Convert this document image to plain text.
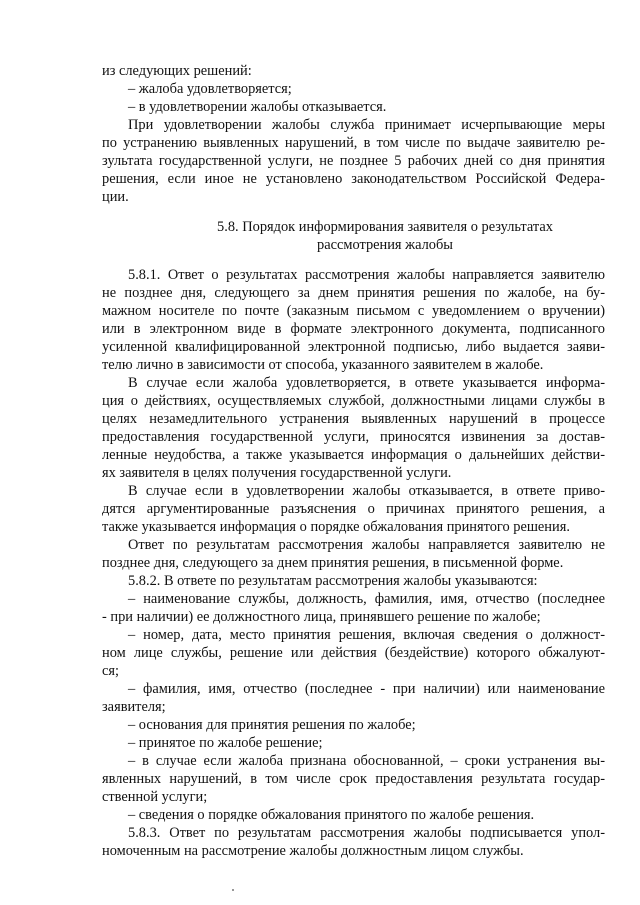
из следующих решений:
– жалоба удовлетворяется;
– в удовлетворении жалобы отказывается.
При удовлетворении жалобы служба принимает исчерпывающие меры
по устранению выявленных нарушений, в том числе по выдаче заявителю ре-
зультата государственной услуги, не позднее 5 рабочих дней со дня принятия
решения, если иное не установлено законодательством Российской Федера-
ции.
5.8. Порядок информирования заявителя о результатах
рассмотрения жалобы
5.8.1. Ответ о результатах рассмотрения жалобы направляется заявителю
не позднее дня, следующего за днем принятия решения по жалобе, на бу-
мажном носителе по почте (заказным письмом с уведомлением о вручении)
или в электронном виде в формате электронного документа, подписанного
усиленной квалифицированной электронной подписью, либо выдается заяви-
телю лично в зависимости от способа, указанного заявителем в жалобе.
В случае если жалоба удовлетворяется, в ответе указывается информа-
ция о действиях, осуществляемых службой, должностными лицами службы в
целях незамедлительного устранения выявленных нарушений в процессе
предоставления государственной услуги, приносятся извинения за достав-
ленные неудобства, а также указывается информация о дальнейших действи-
ях заявителя в целях получения государственной услуги.
В случае если в удовлетворении жалобы отказывается, в ответе приво-
дятся аргументированные разъяснения о причинах принятого решения, а
также указывается информация о порядке обжалования принятого решения.
Ответ по результатам рассмотрения жалобы направляется заявителю не
позднее дня, следующего за днем принятия решения, в письменной форме.
5.8.2. В ответе по результатам рассмотрения жалобы указываются:
– наименование службы, должность, фамилия, имя, отчество (последнее
- при наличии) ее должностного лица, принявшего решение по жалобе;
– номер, дата, место принятия решения, включая сведения о должност-
ном лице службы, решение или действия (бездействие) которого обжалуют-
ся;
– фамилия, имя, отчество (последнее - при наличии) или наименование
заявителя;
– основания для принятия решения по жалобе;
– принятое по жалобе решение;
– в случае если жалоба признана обоснованной, – сроки устранения вы-
явленных нарушений, в том числе срок предоставления результата государ-
ственной услуги;
– сведения о порядке обжалования принятого по жалобе решения.
5.8.3. Ответ по результатам рассмотрения жалобы подписывается упол-
номоченным на рассмотрение жалобы должностным лицом службы.
